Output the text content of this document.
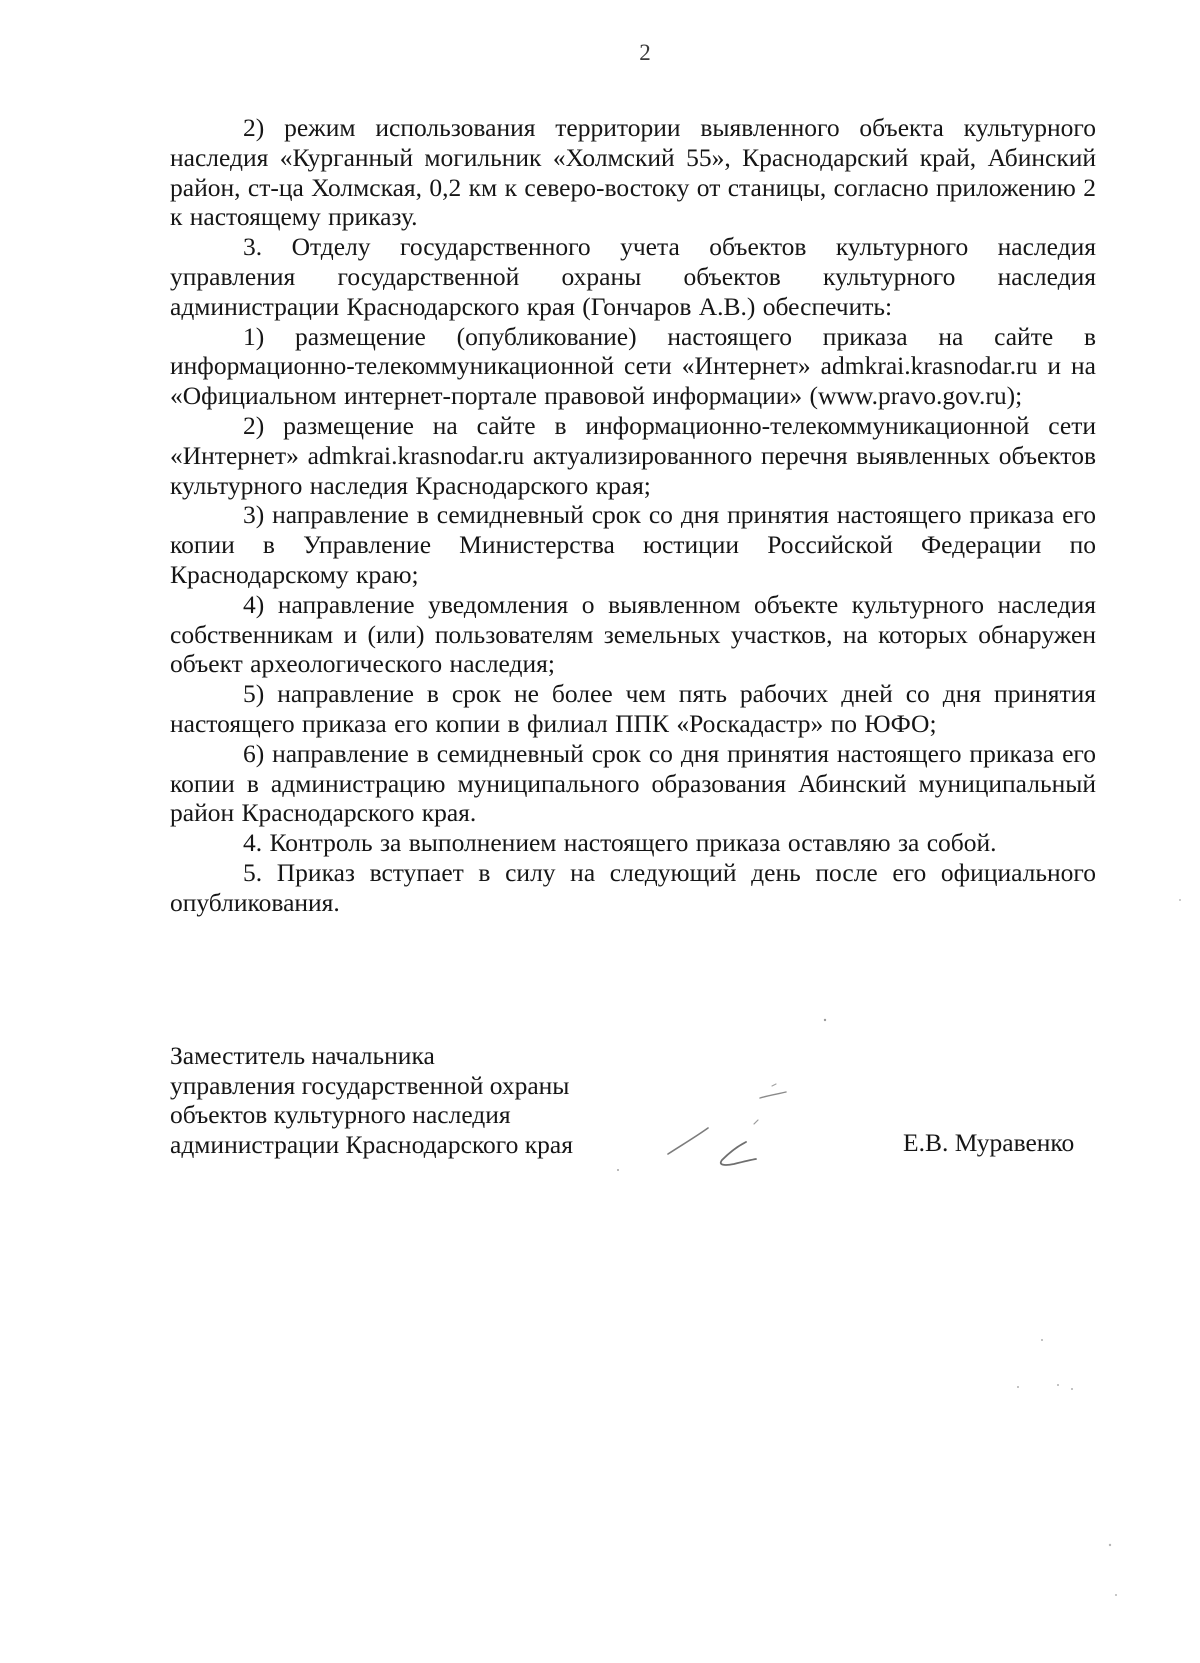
2

2) режим использования территории выявленного объекта культурного наследия «Курганный могильник «Холмский 55», Краснодарский край, Абинский район, ст-ца Холмская, 0,2 км к северо-востоку от станицы, согласно приложению 2 к настоящему приказу.

3. Отделу государственного учета объектов культурного наследия управления государственной охраны объектов культурного наследия администрации Краснодарского края (Гончаров А.В.) обеспечить:

1) размещение (опубликование) настоящего приказа на сайте в информационно-телекоммуникационной сети «Интернет» admkrai.krasnodar.ru и на «Официальном интернет-портале правовой информации» (www.pravo.gov.ru);

2) размещение на сайте в информационно-телекоммуникационной сети «Интернет» admkrai.krasnodar.ru актуализированного перечня выявленных объектов культурного наследия Краснодарского края;

3) направление в семидневный срок со дня принятия настоящего приказа его копии в Управление Министерства юстиции Российской Федерации по Краснодарскому краю;

4) направление уведомления о выявленном объекте культурного наследия собственникам и (или) пользователям земельных участков, на которых обнаружен объект археологического наследия;

5) направление в срок не более чем пять рабочих дней со дня принятия настоящего приказа его копии в филиал ППК «Роскадастр» по ЮФО;

6) направление в семидневный срок со дня принятия настоящего приказа его копии в администрацию муниципального образования Абинский муниципальный район Краснодарского края.

4. Контроль за выполнением настоящего приказа оставляю за собой.

5. Приказ вступает в силу на следующий день после его официального опубликования.

Заместитель начальника
управления государственной охраны
объектов культурного наследия
администрации Краснодарского края	Е.В. Муравенко
